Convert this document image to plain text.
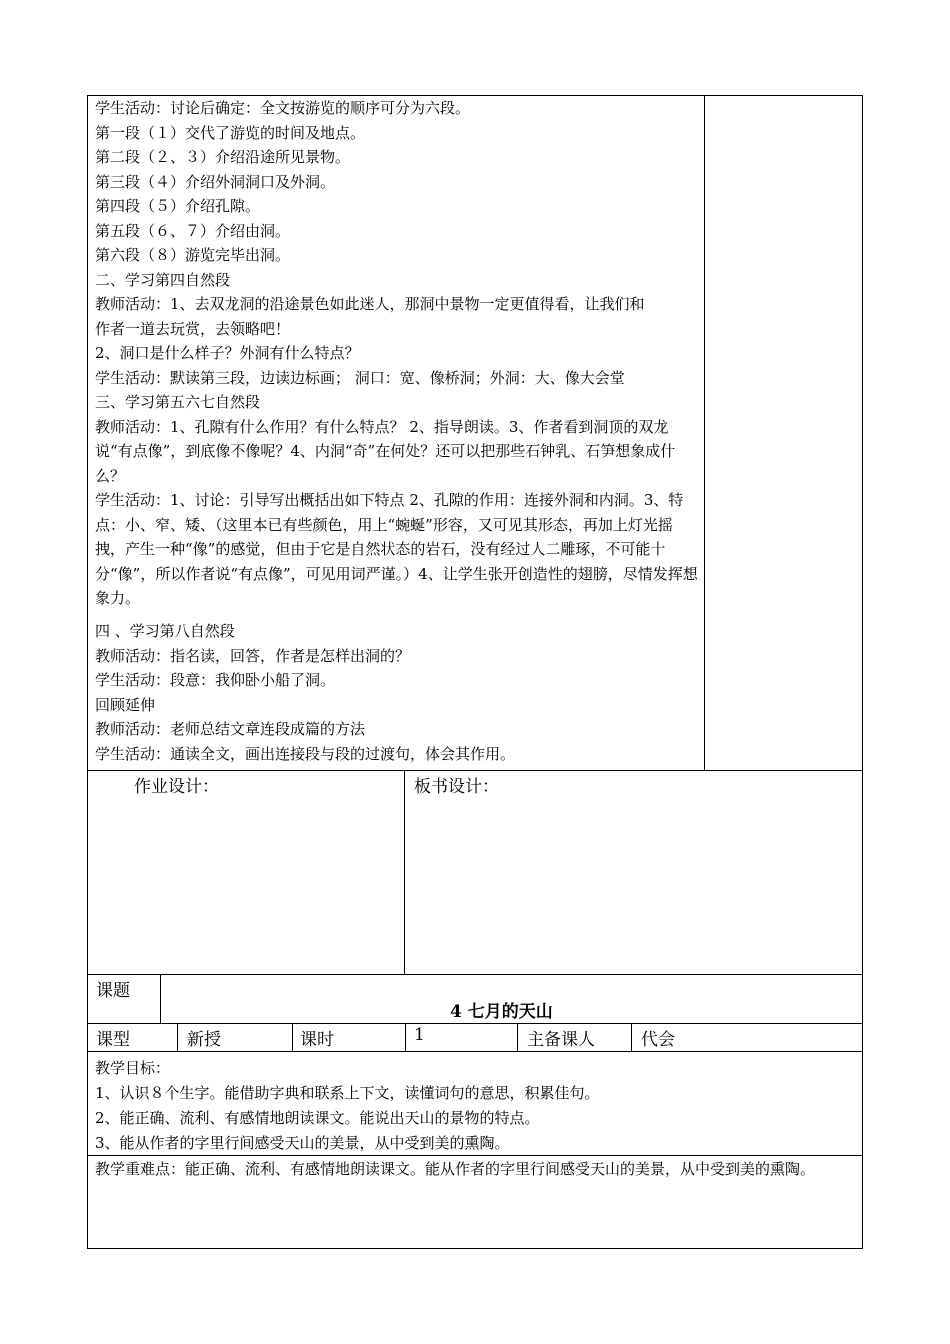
学生活动：讨论后确定：全文按游览的顺序可分为六段。
第一段（１）交代了游览的时间及地点。
第二段（２、３）介绍沿途所见景物。
第三段（４）介绍外洞洞口及外洞。
第四段（５）介绍孔隙。
第五段（６、７）介绍由洞。
第六段（８）游览完毕出洞。
二、学习第四自然段
教师活动：1、去双龙洞的沿途景色如此迷人，那洞中景物一定更值得看，让我们和
作者一道去玩赏，去领略吧！
2、洞口是什么样子？外洞有什么特点？
学生活动：默读第三段，边读边标画； 洞口：宽、像桥洞；外洞：大、像大会堂
三、学习第五六七自然段
教师活动：1、孔隙有什么作用？有什么特点？ 2、指导朗读。3、作者看到洞顶的双龙说“有点像”，到底像不像呢？4、内洞“奇”在何处？还可以把那些石钟乳、石笋想象成什么？
学生活动：1、讨论：引导写出概括出如下特点 2、孔隙的作用：连接外洞和内洞。3、特点：小、窄、矮、（这里本已有些颜色，用上“蜿蜒”形容，又可见其形态，再加上灯光摇拽，产生一种“像”的感觉，但由于它是自然状态的岩石，没有经过人二雕琢，不可能十分“像”，所以作者说“有点像”，可见用词严谨。）4、让学生张开创造性的翅膀，尽情发挥想象力。
四 、学习第八自然段
教师活动：指名读，回答，作者是怎样出洞的？
学生活动：段意：我仰卧小船了洞。
回顾延伸
教师活动：老师总结文章连段成篇的方法
学生活动：通读全文，画出连接段与段的过渡句，体会其作用。
作业设计：	板书设计：
课题
4 七月的天山
课型	新授	课时	1	主备课人	代会
教学目标：
1、认识８个生字。能借助字典和联系上下文，读懂词句的意思，积累佳句。
2、能正确、流利、有感情地朗读课文。能说出天山的景物的特点。
3、能从作者的字里行间感受天山的美景，从中受到美的熏陶。
教学重难点：能正确、流利、有感情地朗读课文。能从作者的字里行间感受天山的美景，从中受到美的熏陶。
